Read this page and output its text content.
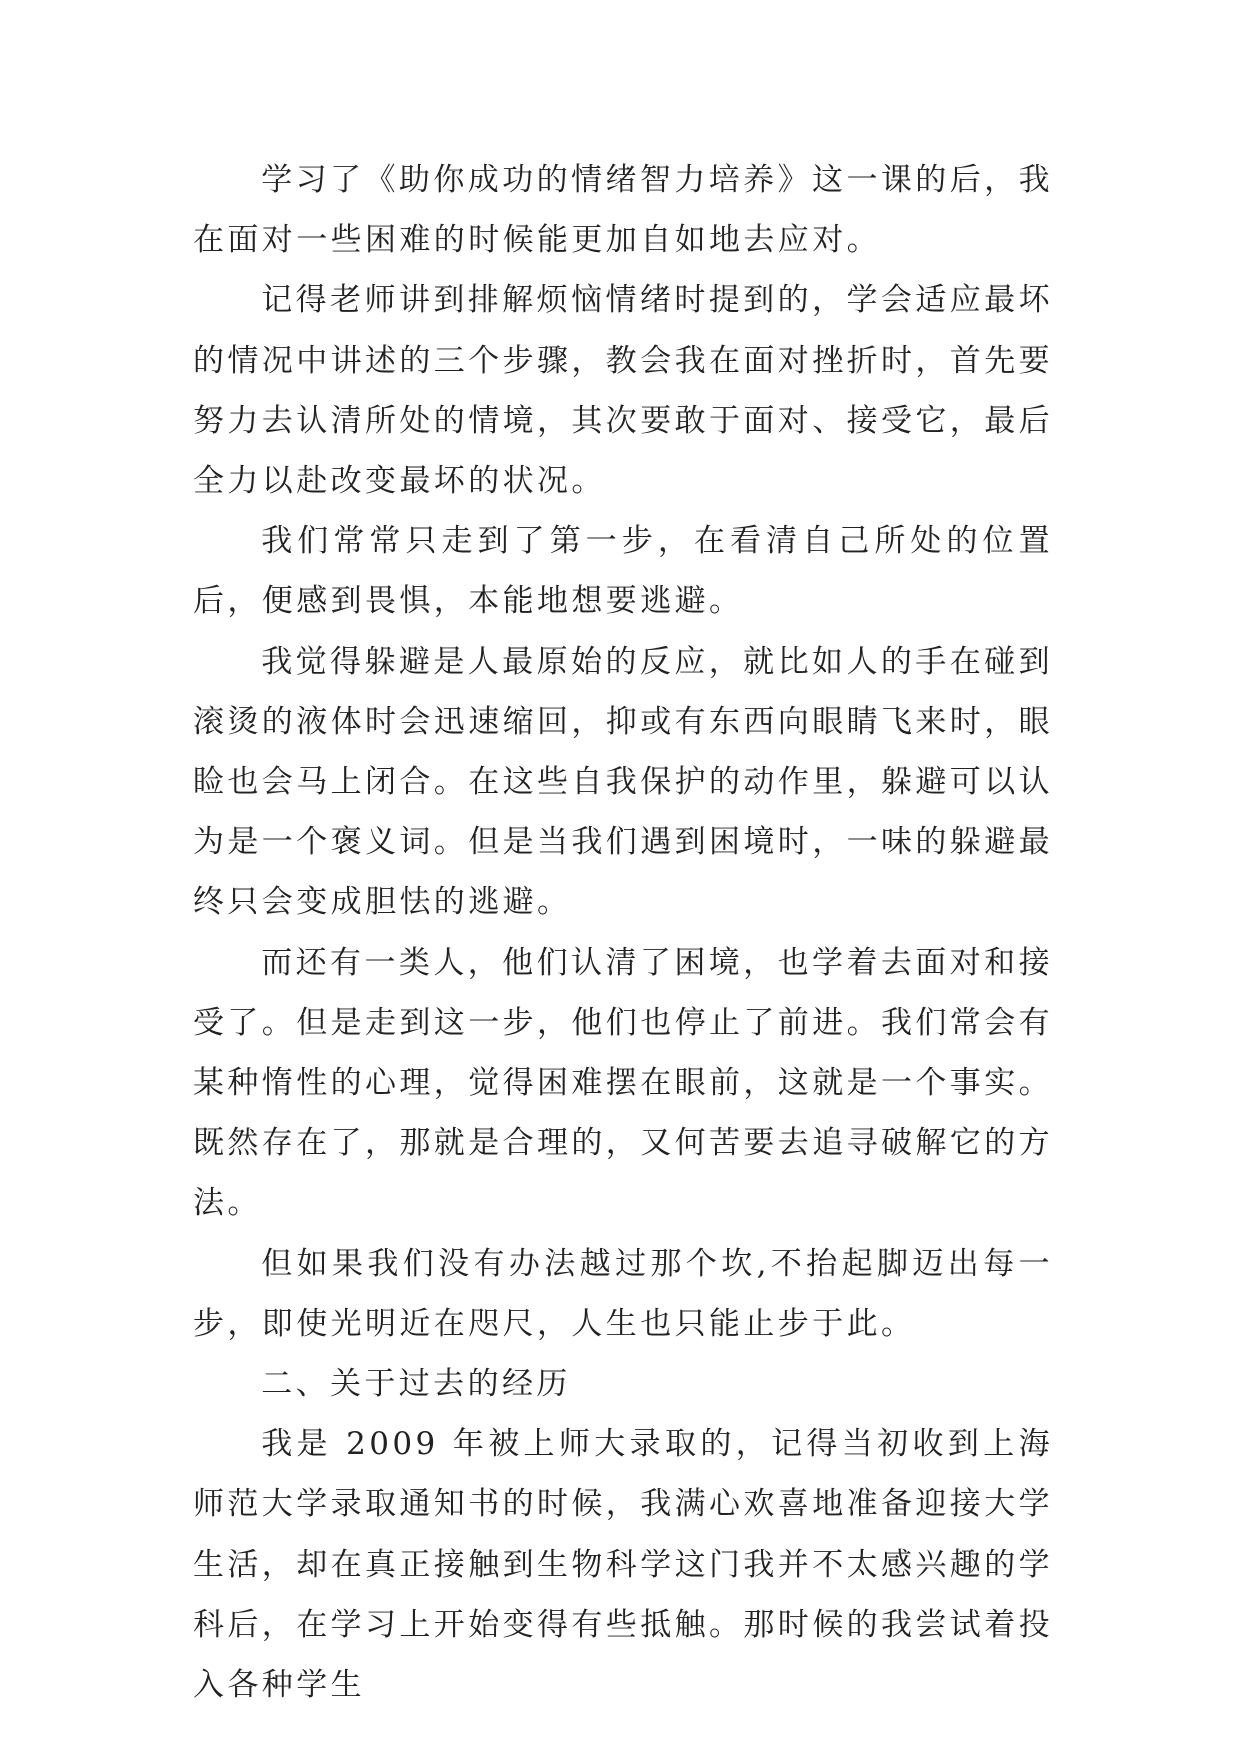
学习了《助你成功的情绪智力培养》这一课的后，我在面对一些困难的时候能更加自如地去应对。

记得老师讲到排解烦恼情绪时提到的，学会适应最坏的情况中讲述的三个步骤，教会我在面对挫折时，首先要努力去认清所处的情境，其次要敢于面对、接受它，最后全力以赴改变最坏的状况。

我们常常只走到了第一步，在看清自己所处的位置后，便感到畏惧，本能地想要逃避。

我觉得躲避是人最原始的反应，就比如人的手在碰到滚烫的液体时会迅速缩回，抑或有东西向眼睛飞来时，眼睑也会马上闭合。在这些自我保护的动作里，躲避可以认为是一个褒义词。但是当我们遇到困境时，一味的躲避最终只会变成胆怯的逃避。

而还有一类人，他们认清了困境，也学着去面对和接受了。但是走到这一步，他们也停止了前进。我们常会有某种惰性的心理，觉得困难摆在眼前，这就是一个事实。既然存在了，那就是合理的，又何苦要去追寻破解它的方法。

但如果我们没有办法越过那个坎,不抬起脚迈出每一步，即使光明近在咫尺，人生也只能止步于此。

二、关于过去的经历

我是 2009 年被上师大录取的，记得当初收到上海师范大学录取通知书的时候，我满心欢喜地准备迎接大学生活，却在真正接触到生物科学这门我并不太感兴趣的学科后，在学习上开始变得有些抵触。那时候的我尝试着投入各种学生
